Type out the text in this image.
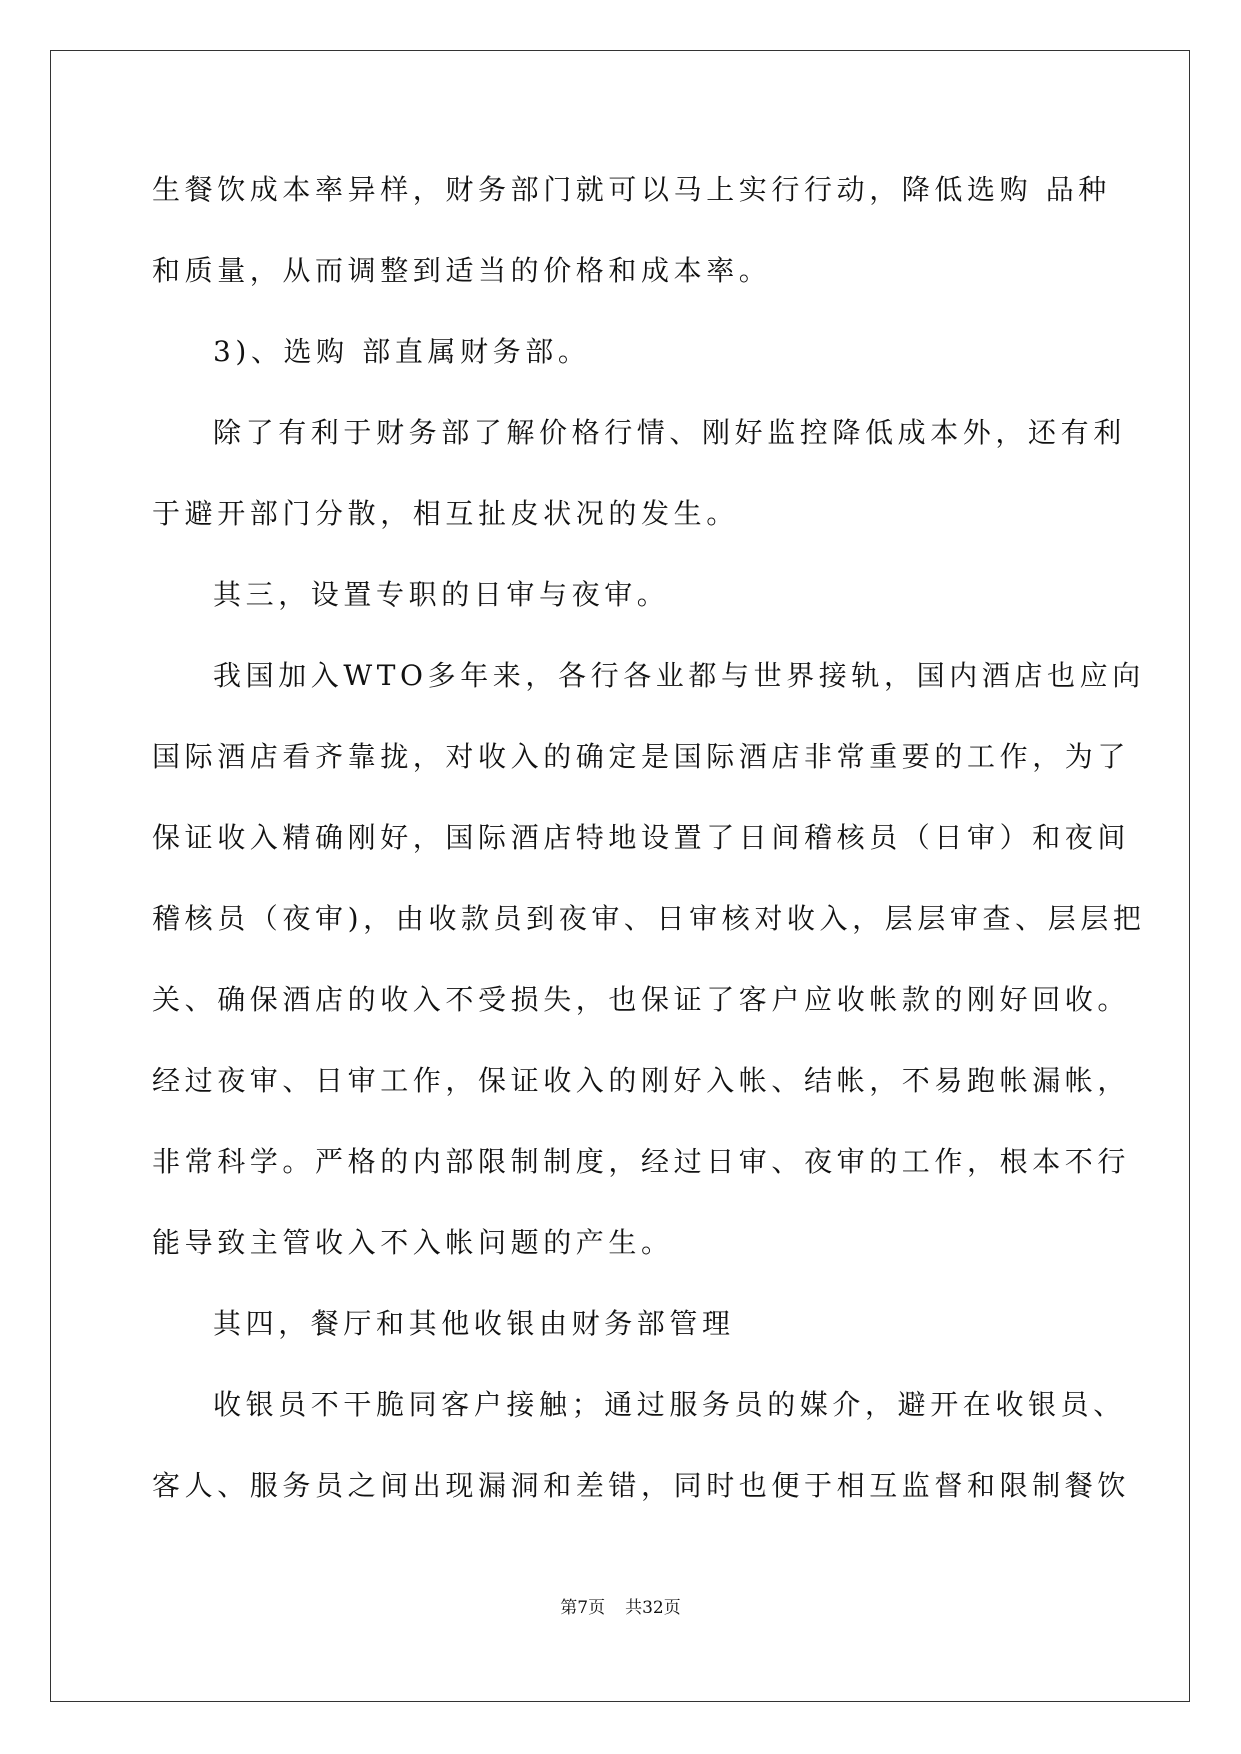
生餐饮成本率异样，财务部门就可以马上实行行动，降低选购 品种
和质量，从而调整到适当的价格和成本率。
3)、选购 部直属财务部。
除了有利于财务部了解价格行情、刚好监控降低成本外，还有利
于避开部门分散，相互扯皮状况的发生。
其三，设置专职的日审与夜审。
我国加入WTO多年来，各行各业都与世界接轨，国内酒店也应向
国际酒店看齐靠拢，对收入的确定是国际酒店非常重要的工作，为了
保证收入精确刚好，国际酒店特地设置了日间稽核员（日审）和夜间
稽核员（夜审)，由收款员到夜审、日审核对收入，层层审查、层层把
关、确保酒店的收入不受损失，也保证了客户应收帐款的刚好回收。
经过夜审、日审工作，保证收入的刚好入帐、结帐，不易跑帐漏帐，
非常科学。严格的内部限制制度，经过日审、夜审的工作，根本不行
能导致主管收入不入帐问题的产生。
其四，餐厅和其他收银由财务部管理
收银员不干脆同客户接触；通过服务员的媒介，避开在收银员、
客人、服务员之间出现漏洞和差错，同时也便于相互监督和限制餐饮
第7页 共32页
